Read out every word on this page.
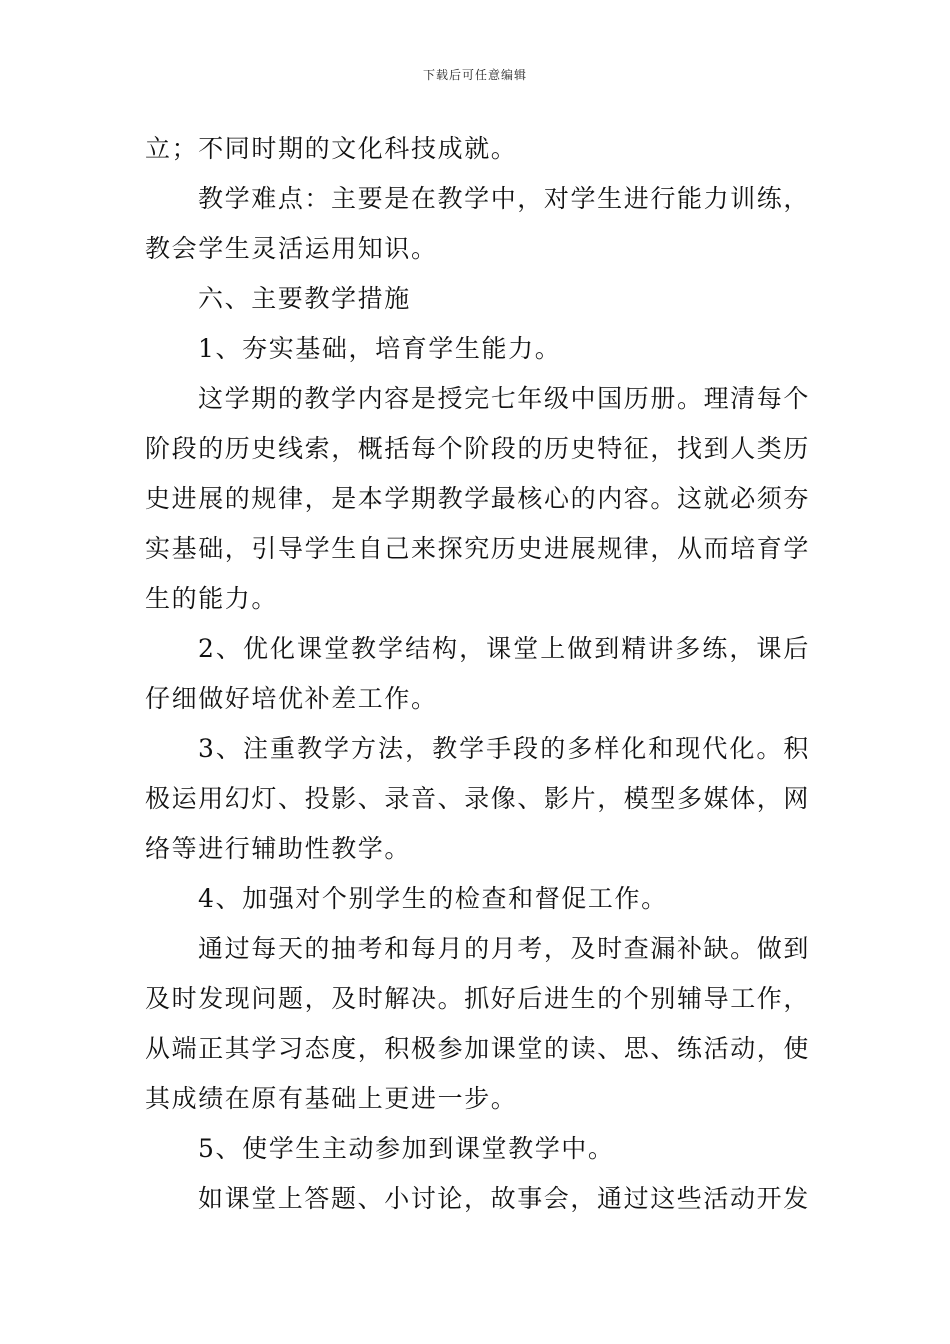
下载后可任意编辑

立；不同时期的文化科技成就。

教学难点：主要是在教学中，对学生进行能力训练，教会学生灵活运用知识。

六、主要教学措施

1、夯实基础，培育学生能力。

这学期的教学内容是授完七年级中国历册。理清每个阶段的历史线索，概括每个阶段的历史特征，找到人类历史进展的规律，是本学期教学最核心的内容。这就必须夯实基础，引导学生自己来探究历史进展规律，从而培育学生的能力。

2、优化课堂教学结构，课堂上做到精讲多练，课后仔细做好培优补差工作。

3、注重教学方法，教学手段的多样化和现代化。积极运用幻灯、投影、录音、录像、影片，模型多媒体，网络等进行辅助性教学。

4、加强对个别学生的检查和督促工作。

通过每天的抽考和每月的月考，及时查漏补缺。做到及时发现问题，及时解决。抓好后进生的个别辅导工作，从端正其学习态度，积极参加课堂的读、思、练活动，使其成绩在原有基础上更进一步。

5、使学生主动参加到课堂教学中。

如课堂上答题、小讨论，故事会，通过这些活动开发
